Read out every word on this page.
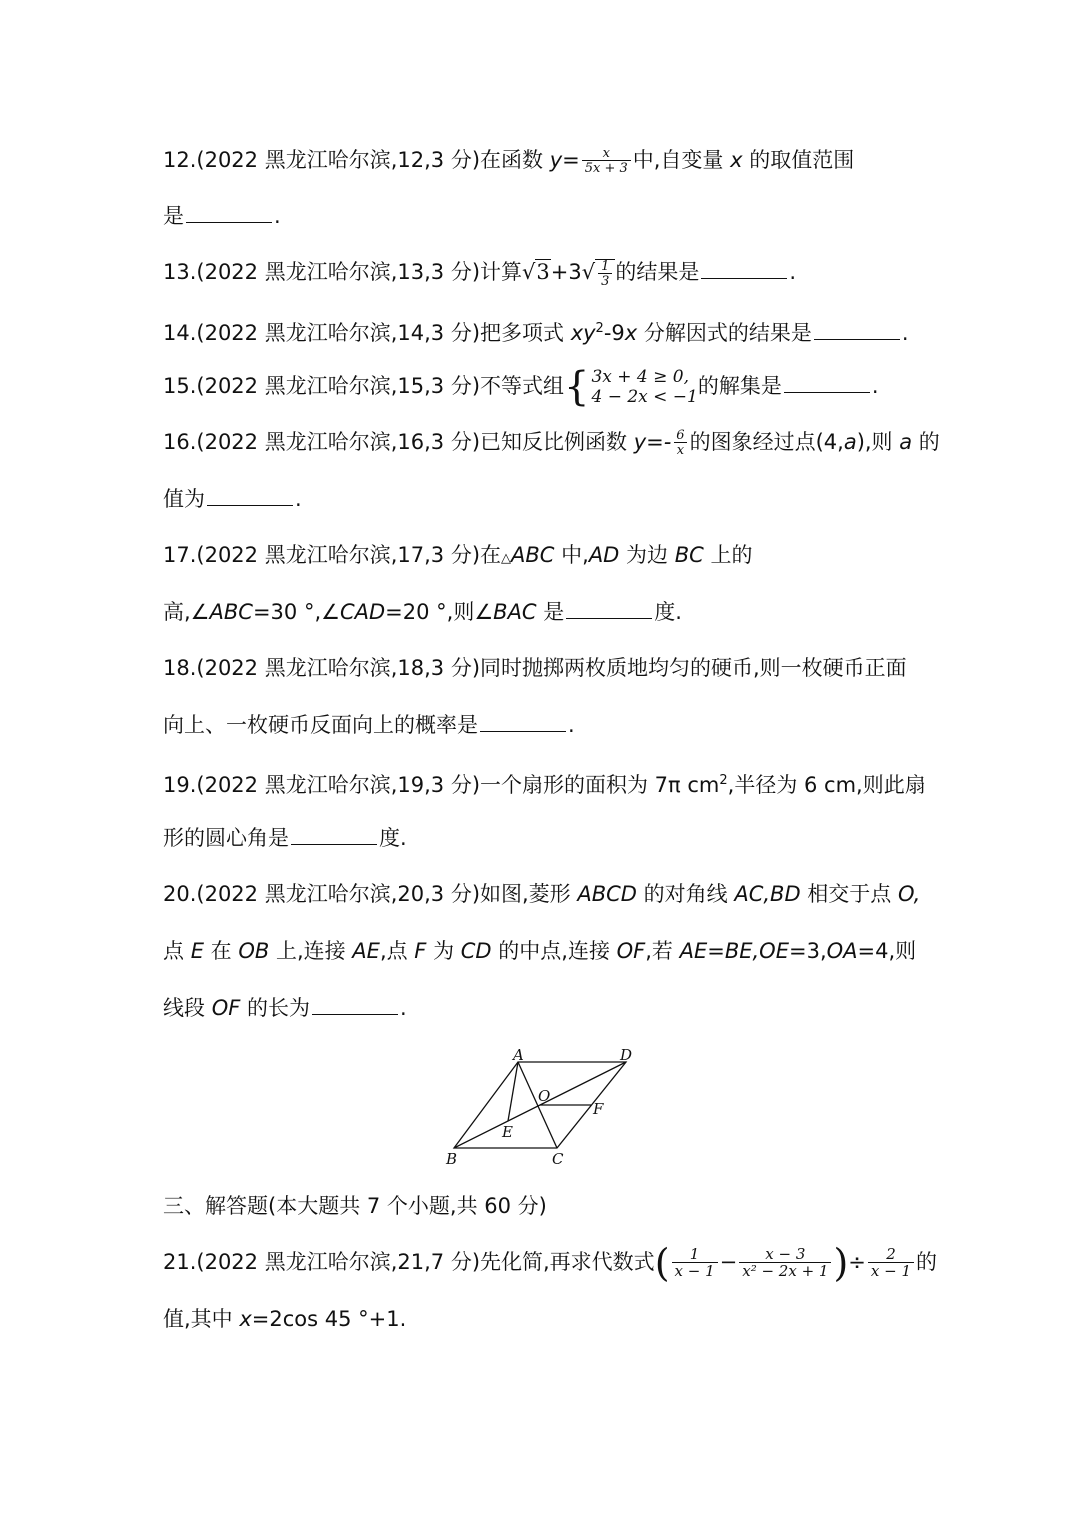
12.(2022 黑龙江哈尔滨,12,3 分)在函数 $y= \frac{x}{5x + 3}$ 中,自变量 x 的取值范围
是	.
13.(2022 黑龙江哈尔滨,13,3 分)计算$√3+3√ \frac{1}{3}$ 的结果是	.
14.(2022 黑龙江哈尔滨,14,3 分)把多项式 $xy^2-9x$ 分解因式的结果是	.
15.(2022 黑龙江哈尔滨,15,3 分)不等式组 { 3x + 4 ≥ 0,
4 − 2x < −1 的解集是	.
16.(2022 黑龙江哈尔滨,16,3 分)已知反比例函数 $y=- \frac{6}{x}$ 的图象经过点(4,a),则 a 的
值为	.
17.(2022 黑龙江哈尔滨,17,3 分)在△ABC 中,AD 为边 BC 上的
高,∠ABC=30 °,∠CAD=20 °,则∠BAC 是	度.
18.(2022 黑龙江哈尔滨,18,3 分)同时抛掷两枚质地均匀的硬币,则一枚硬币正面
向上、一枚硬币反面向上的概率是	.
19.(2022 黑龙江哈尔滨,19,3 分)一个扇形的面积为 7π $cm^2$,半径为 6 cm,则此扇
形的圆心角是	度.
20.(2022 黑龙江哈尔滨,20,3 分)如图,菱形 ABCD 的对角线 AC,BD 相交于点 O,
点 E 在 OB 上,连接 AE,点 F 为 CD 的中点,连接 OF,若 AE=BE,OE=3,OA=4,则
线段 OF 的长为	.
A	D
O
F
E
B	C
三、解答题(本大题共 7 个小题,共 60 分)
21.(2022 黑龙江哈尔滨,21,7 分)先化简,再求代数式( $\frac{1}{x - 1} - \frac{x - 3}{\text{x² − 2x + 1}}$ )÷ $\frac{2}{x - 1}$ 的
值,其中 x=2cos 45 °+1.
